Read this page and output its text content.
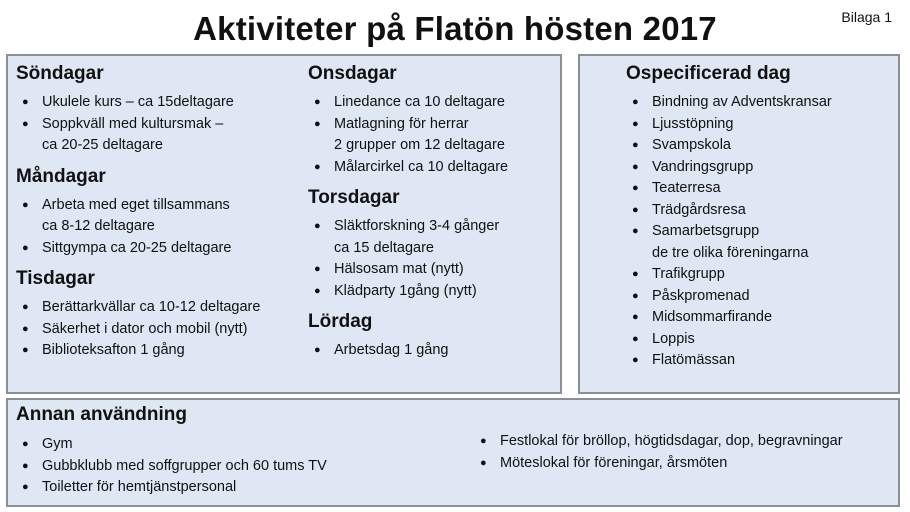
Aktiviteter på Flatön hösten 2017	Bilaga 1
Söndagar
● Ukulele kurs – ca 15deltagare
● Soppkväll med kultursmak –
ca 20-25 deltagare
Måndagar
● Arbeta med eget tillsammans
ca 8-12 deltagare
● Sittgympa ca 20-25 deltagare
Tisdagar
● Berättarkvällar ca 10-12 deltagare
● Säkerhet i dator och mobil (nytt)
● Biblioteksafton 1 gång
Onsdagar
● Linedance ca 10 deltagare
● Matlagning för herrar
2 grupper om 12 deltagare
● Målarcirkel ca 10 deltagare
Torsdagar
● Släktforskning 3-4 gånger
ca 15 deltagare
● Hälsosam mat (nytt)
● Klädparty 1gång (nytt)
Lördag
● Arbetsdag 1 gång
Ospecificerad dag
● Bindning av Adventskransar
● Ljusstöpning
● Svampskola
● Vandringsgrupp
● Teaterresa
● Trädgårdsresa
● Samarbetsgrupp
de tre olika föreningarna
● Trafikgrupp
● Påskpromenad
● Midsommarfirande
● Loppis
● Flatömässan
Annan användning
● Gym
● Gubbklubb med soffgrupper och 60 tums TV
● Toiletter för hemtjänstpersonal
● Festlokal för bröllop, högtidsdagar, dop, begravningar
● Möteslokal för föreningar, årsmöten
